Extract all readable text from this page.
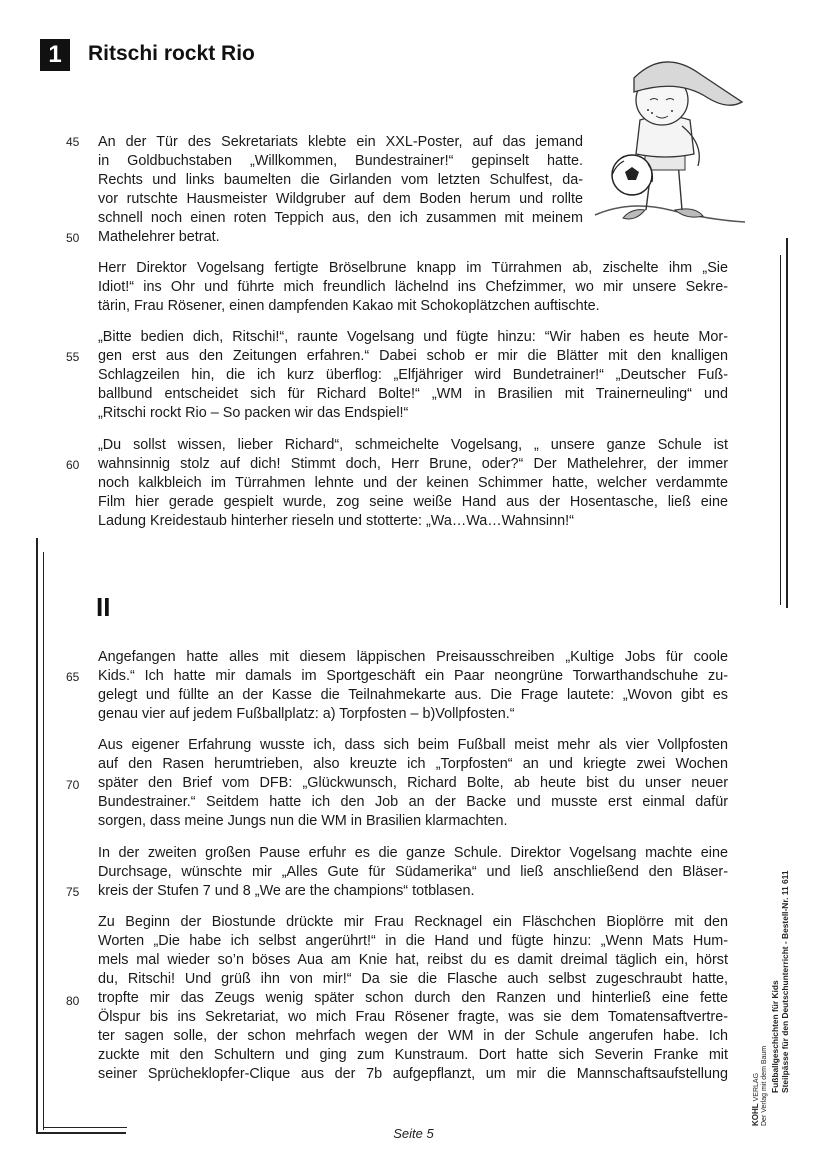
1 Ritschi rockt Rio
45
50
55
60
65
70
75
80
An der Tür des Sekretariats klebte ein XXL-Poster, auf das jemand
in Goldbuchstaben „Willkommen, Bundestrainer!“ gepinselt hatte.
Rechts und links baumelten die Girlanden vom letzten Schulfest, da-
vor rutschte Hausmeister Wildgruber auf dem Boden herum und rollte
schnell noch einen roten Teppich aus, den ich zusammen mit meinem
Mathelehrer betrat.
Herr Direktor Vogelsang fertigte Bröselbrune knapp im Türrahmen ab, zischelte ihm „Sie
Idiot!“ ins Ohr und führte mich freundlich lächelnd ins Chefzimmer, wo mir unsere Sekre-
tärin, Frau Rösener, einen dampfenden Kakao mit Schokoplätzchen auftischte.
„Bitte bedien dich, Ritschi!“, raunte Vogelsang und fügte hinzu: “Wir haben es heute Mor-
gen erst aus den Zeitungen erfahren.“ Dabei schob er mir die Blätter mit den knalligen
Schlagzeilen hin, die ich kurz überflog: „Elfjähriger wird Bundetrainer!“ „Deutscher Fuß-
ballbund entscheidet sich für Richard Bolte!“ „WM in Brasilien mit Trainerneuling“ und
„Ritschi rockt Rio – So packen wir das Endspiel!“
„Du sollst wissen, lieber Richard“, schmeichelte Vogelsang, „ unsere ganze Schule ist
wahnsinnig stolz auf dich! Stimmt doch, Herr Brune, oder?“ Der Mathelehrer, der immer
noch kalkbleich im Türrahmen lehnte und der keinen Schimmer hatte, welcher verdammte
Film hier gerade gespielt wurde, zog seine weiße Hand aus der Hosentasche, ließ eine
Ladung Kreidestaub hinterher rieseln und stotterte: „Wa…Wa…Wahnsinn!“
II
Angefangen hatte alles mit diesem läppischen Preisausschreiben „Kultige Jobs für coole
Kids.“ Ich hatte mir damals im Sportgeschäft ein Paar neongrüne Torwarthandschuhe zu-
gelegt und füllte an der Kasse die Teilnahmekarte aus. Die Frage lautete: „Wovon gibt es
genau vier auf jedem Fußballplatz: a) Torpfosten – b)Vollpfosten.“
Aus eigener Erfahrung wusste ich, dass sich beim Fußball meist mehr als vier Vollpfosten
auf den Rasen herumtrieben, also kreuzte ich „Torpfosten“ an und kriegte zwei Wochen
später den Brief vom DFB: „Glückwunsch, Richard Bolte, ab heute bist du unser neuer
Bundestrainer.“ Seitdem hatte ich den Job an der Backe und musste erst einmal dafür
sorgen, dass meine Jungs nun die WM in Brasilien klarmachten.
In der zweiten großen Pause erfuhr es die ganze Schule. Direktor Vogelsang machte eine
Durchsage, wünschte mir „Alles Gute für Südamerika“ und ließ anschließend den Bläser-
kreis der Stufen 7 und 8 „We are the champions“ totblasen.
Zu Beginn der Biostunde drückte mir Frau Recknagel ein Fläschchen Bioplörre mit den
Worten „Die habe ich selbst angerührt!“ in die Hand und fügte hinzu: „Wenn Mats Hum-
mels mal wieder so’n böses Aua am Knie hat, reibst du es damit dreimal täglich ein, hörst
du, Ritschi! Und grüß ihn von mir!“ Da sie die Flasche auch selbst zugeschraubt hatte,
tropfte mir das Zeugs wenig später schon durch den Ranzen und hinterließ eine fette
Ölspur bis ins Sekretariat, wo mich Frau Rösener fragte, was sie dem Tomatensaftvertre-
ter sagen solle, der schon mehrfach wegen der WM in der Schule angerufen habe. Ich
zuckte mit den Schultern und ging zum Kunstraum. Dort hatte sich Severin Franke mit
seiner Sprücheklopfer-Clique aus der 7b aufgepflanzt, um mir die Mannschaftsaufstellung	Fußballgeschichten für Kids Steilpässe für den Deutschunterricht - Bestell-Nr. 11 611
KOHL VERLAG Der Verlag mit dem Baum
Seite 5
